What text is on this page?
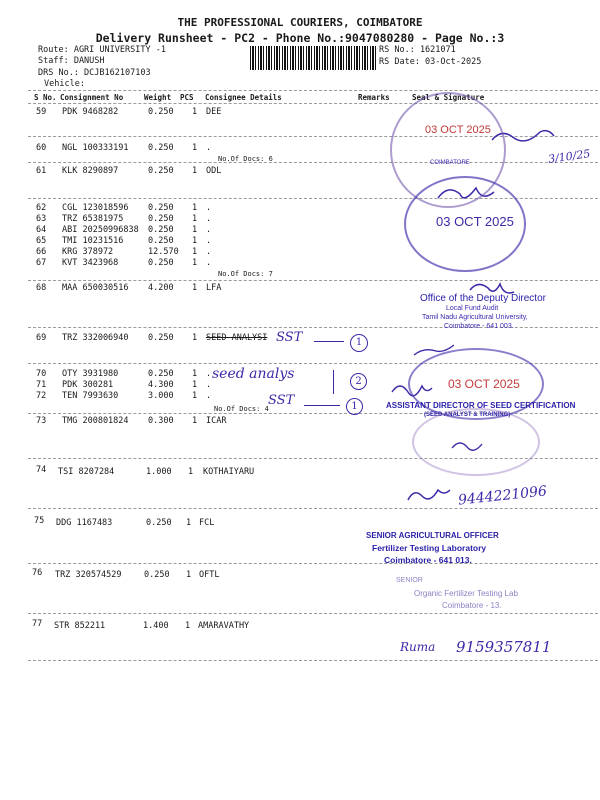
THE PROFESSIONAL COURIERS, COIMBATORE
Delivery Runsheet - PC2 - Phone No.:9047080280 - Page No.:3
Route: AGRI UNIVERSITY -1
Staff: DANUSH
DRS No.: DCJB162107103
Vehicle:
RS No.: 1621071
RS Date: 03-Oct-2025
S No. Consignment No	Weight PCS Consignee Details	Remarks	Seal & Signature
59 PDK 9468282	0.250 1 DEE
60 NGL 100333191 0.250 1 .
No.Of Docs: 6
61 KLK 8290897	0.250 1 ODL
62 CGL 123018596 0.250 1 .
63 TRZ 65381975	0.250 1 .
64 ABI 20250996838 0.250 1 .
65 TMI 10231516	0.250 1 .
66 KRG 378972	12.570 1 .
67 KVT 3423968	0.250 1 .
No.Of Docs: 7
68 MAA 650030516 4.200 1 LFA
69 TRZ 332006940 0.250 1 SEED ANALYSI
70 OTY 3931980	0.250 1 .
71 PDK 300281	4.300 1 .
72 TEN 7993630	3.000 1 .
No.Of Docs: 4
73 TMG 200801824 0.300 1 ICAR
74 TSI 8207284	1.000 1 KOTHAIYARU
75 DDG 1167483	0.250 1 FCL
76 TRZ 320574529	0.250 1 OFTL
77 STR 852211	1.400 1 AMARAVATHY
SST	1
seed analys	2
SST	1
9444221096
Ruma 9159357811
3/10/25
03 OCT 2025
COIMBATORE
03 OCT 2025
Office of the Deputy Director
Local Fund Audit
Tamil Nadu Agricultural University,
Coimbatore - 641 003.
03 OCT 2025
ASSISTANT DIRECTOR OF SEED CERTIFICATION
(SEED ANALYST & TRAINING)
SENIOR AGRICULTURAL OFFICER
Fertilizer Testing Laboratory
Coimbatore - 641 013.
SENIOR
Organic Fertilizer Testing Lab
Coimbatore - 13.
